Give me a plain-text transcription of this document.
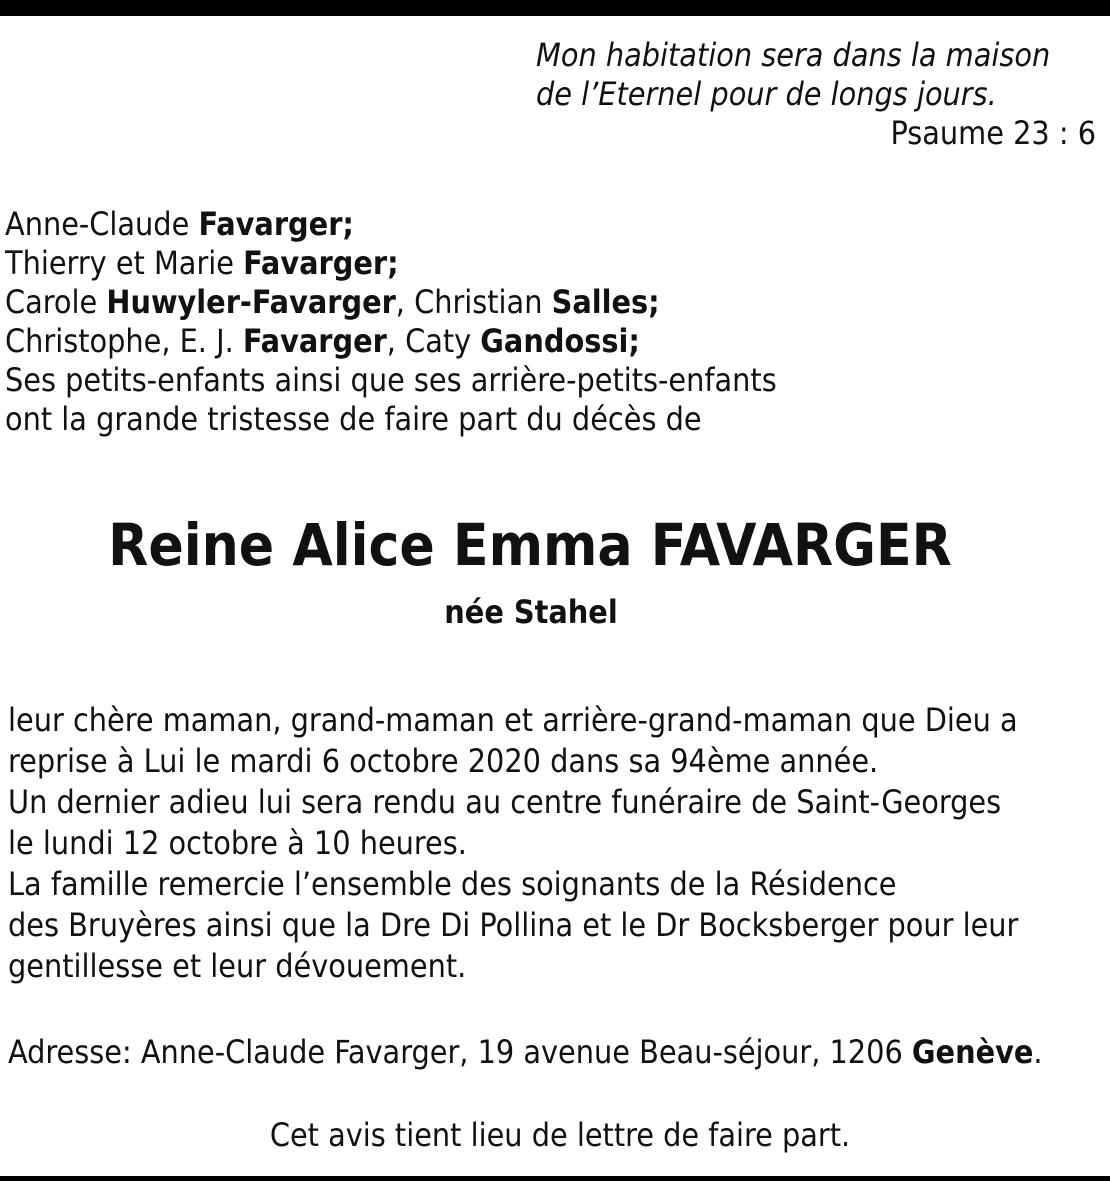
Mon habitation sera dans la maison
de l’Eternel pour de longs jours.
Psaume 23 : 6
Anne-Claude Favarger;
Thierry et Marie Favarger;
Carole Huwyler-Favarger, Christian Salles;
Christophe, E. J. Favarger, Caty Gandossi;
Ses petits-enfants ainsi que ses arrière-petits-enfants
ont la grande tristesse de faire part du décès de
Reine Alice Emma FAVARGER
née Stahel
leur chère maman, grand-maman et arrière-grand-maman que Dieu a
reprise à Lui le mardi 6 octobre 2020 dans sa 94ème année.
Un dernier adieu lui sera rendu au centre funéraire de Saint-Georges
le lundi 12 octobre à 10 heures.
La famille remercie l’ensemble des soignants de la Résidence
des Bruyères ainsi que la Dre Di Pollina et le Dr Bocksberger pour leur
gentillesse et leur dévouement.
Adresse: Anne-Claude Favarger, 19 avenue Beau-séjour, 1206 Genève.
Cet avis tient lieu de lettre de faire part.
